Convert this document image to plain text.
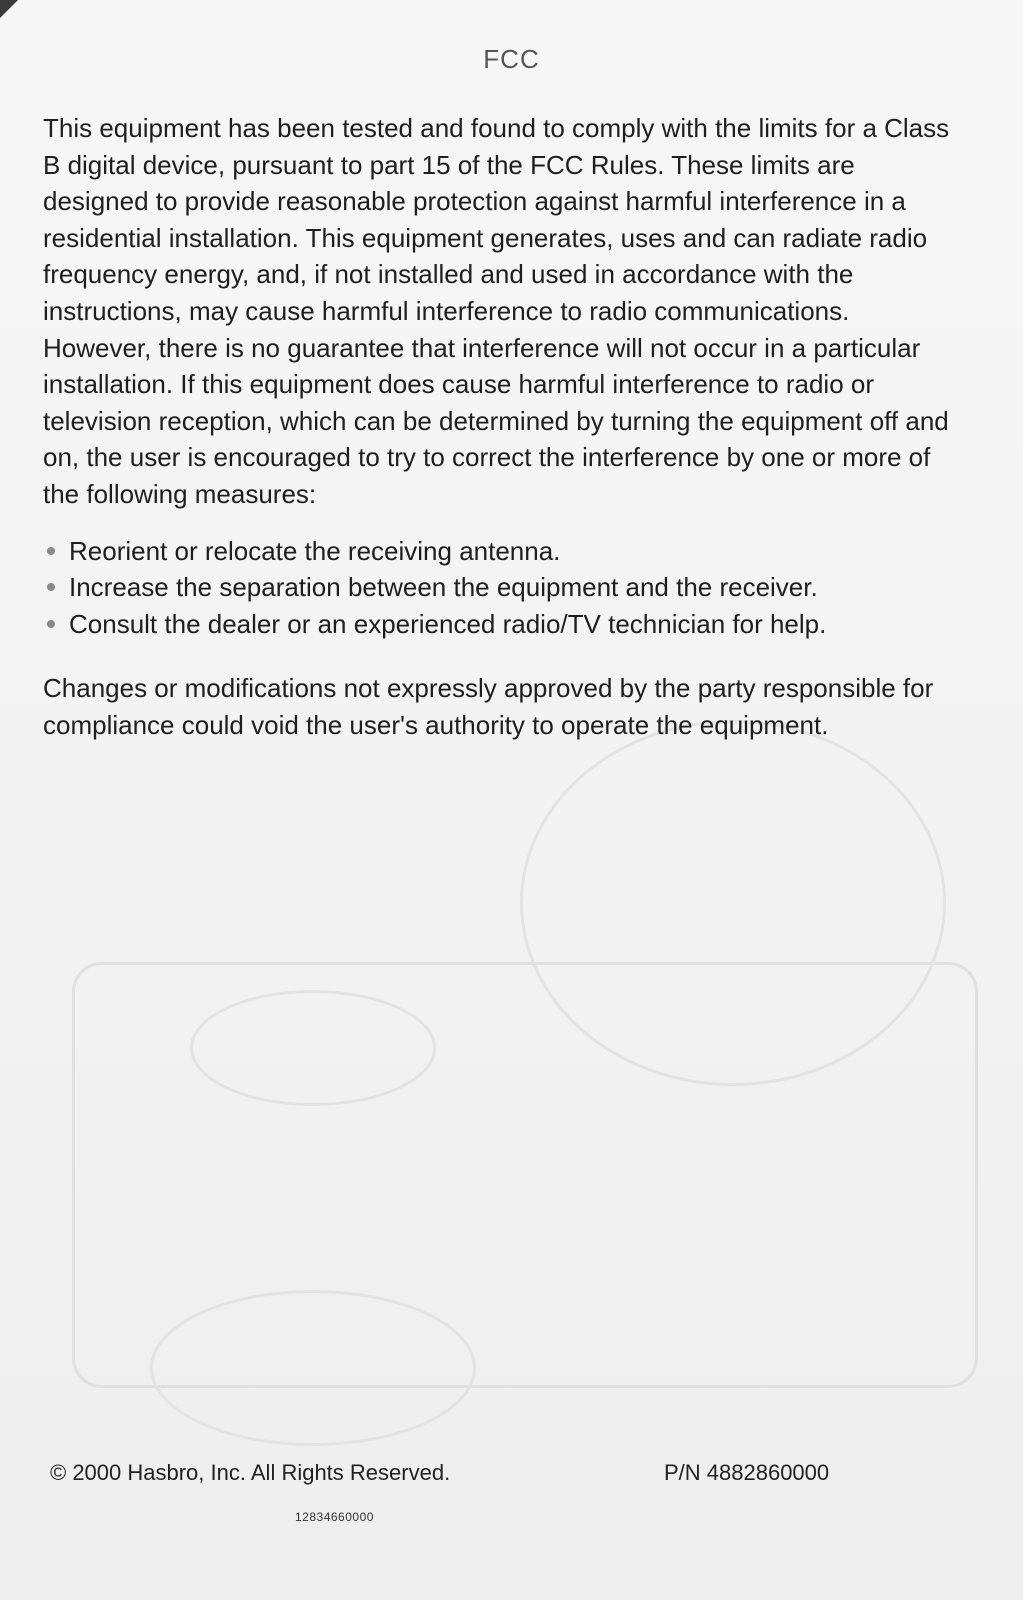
FCC

This equipment has been tested and found to comply with the limits for a Class B digital device, pursuant to part 15 of the FCC Rules. These limits are designed to provide reasonable protection against harmful interference in a residential installation. This equipment generates, uses and can radiate radio frequency energy, and, if not installed and used in accordance with the instructions, may cause harmful interference to radio communications. However, there is no guarantee that interference will not occur in a particular installation. If this equipment does cause harmful interference to radio or television reception, which can be determined by turning the equipment off and on, the user is encouraged to try to correct the interference by one or more of the following measures:

Reorient or relocate the receiving antenna.
Increase the separation between the equipment and the receiver.
Consult the dealer or an experienced radio/TV technician for help.

Changes or modifications not expressly approved by the party responsible for compliance could void the user's authority to operate the equipment.

© 2000 Hasbro, Inc. All Rights Reserved.	P/N 4882860000
12834660000
